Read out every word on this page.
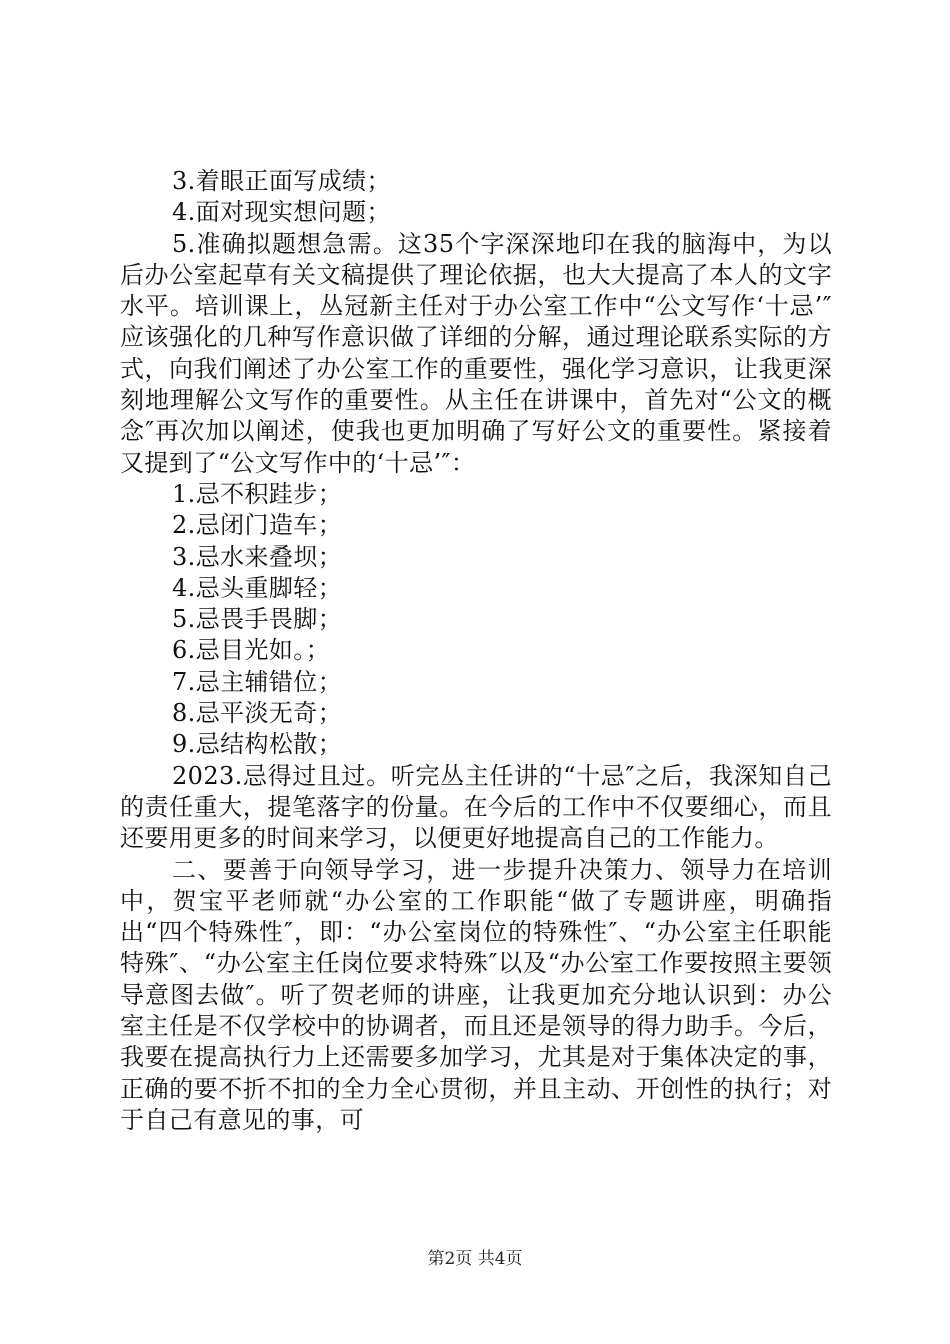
3.着眼正面写成绩；

4.面对现实想问题；

5.准确拟题想急需。这35个字深深地印在我的脑海中，为以后办公室起草有关文稿提供了理论依据，也大大提高了本人的文字水平。培训课上，丛冠新主任对于办公室工作中“公文写作‘十忌’″应该强化的几种写作意识做了详细的分解，通过理论联系实际的方式，向我们阐述了办公室工作的重要性，强化学习意识，让我更深刻地理解公文写作的重要性。从主任在讲课中，首先对“公文的概念″再次加以阐述，使我也更加明确了写好公文的重要性。紧接着又提到了“公文写作中的‘十忌’″：

1.忌不积跬步；

2.忌闭门造车；

3.忌水来叠坝；

4.忌头重脚轻；

5.忌畏手畏脚；

6.忌目光如。；

7.忌主辅错位；

8.忌平淡无奇；

9.忌结构松散；

2023.忌得过且过。听完丛主任讲的“十忌″之后，我深知自己的责任重大，提笔落字的份量。在今后的工作中不仅要细心，而且还要用更多的时间来学习，以便更好地提高自己的工作能力。

二、要善于向领导学习，进一步提升决策力、领导力在培训中，贺宝平老师就“办公室的工作职能“做了专题讲座，明确指出“四个特殊性″，即：“办公室岗位的特殊性″、“办公室主任职能特殊″、“办公室主任岗位要求特殊″以及“办公室工作要按照主要领导意图去做″。听了贺老师的讲座，让我更加充分地认识到：办公室主任是不仅学校中的协调者，而且还是领导的得力助手。今后，我要在提高执行力上还需要多加学习，尤其是对于集体决定的事，正确的要不折不扣的全力全心贯彻，并且主动、开创性的执行；对于自己有意见的事，可

第2页 共4页
